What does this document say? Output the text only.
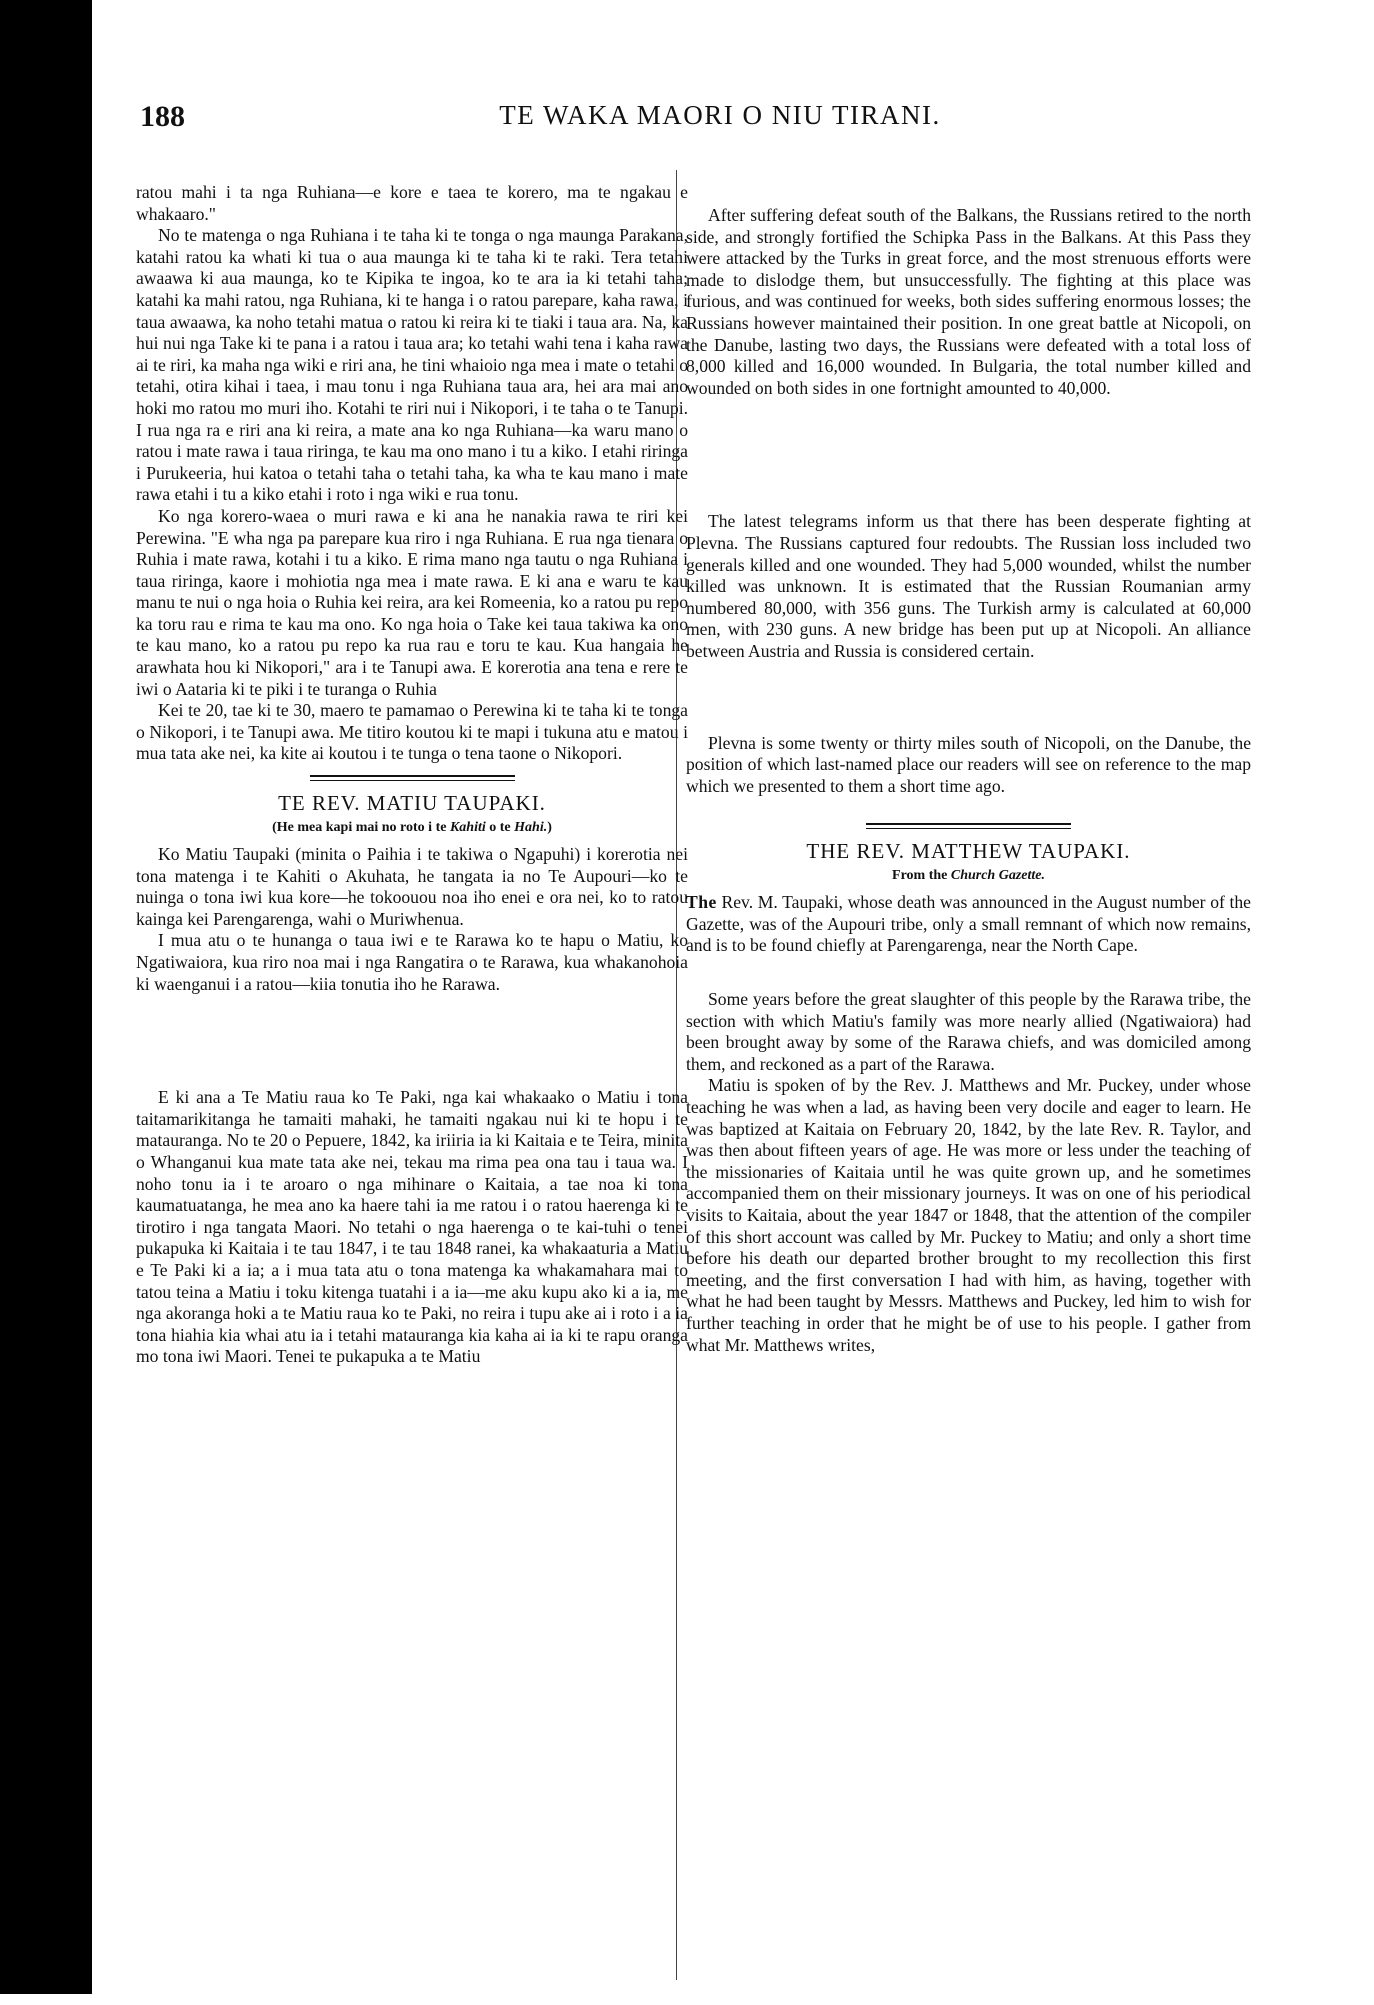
188	TE WAKA MAORI O NIU TIRANI.

ratou mahi i ta nga Ruhiana—e kore e taea te korero, ma te ngakau e whakaaro."

No te matenga o nga Ruhiana i te taha ki te tonga o nga maunga Parakana, katahi ratou ka whati ki tua o aua maunga ki te taha ki te raki. Tera tetahi awaawa ki aua maunga, ko te Kipika te ingoa, ko te ara ia ki tetahi taha; katahi ka mahi ratou, nga Ruhiana, ki te hanga i o ratou parepare, kaha rawa, i taua awaawa, ka noho tetahi matua o ratou ki reira ki te tiaki i taua ara. Na, ka hui nui nga Take ki te pana i a ratou i taua ara; ko tetahi wahi tena i kaha rawa ai te riri, ka maha nga wiki e riri ana, he tini whaioio nga mea i mate o tetahi o tetahi, otira kihai i taea, i mau tonu i nga Ruhiana taua ara, hei ara mai ano hoki mo ratou mo muri iho. Kotahi te riri nui i Nikopori, i te taha o te Tanupi. I rua nga ra e riri ana ki reira, a mate ana ko nga Ruhiana—ka waru mano o ratou i mate rawa i taua riringa, te kau ma ono mano i tu a kiko. I etahi riringa i Purukeeria, hui katoa o tetahi taha o tetahi taha, ka wha te kau mano i mate rawa etahi i tu a kiko etahi i roto i nga wiki e rua tonu.

Ko nga korero-waea o muri rawa e ki ana he nanakia rawa te riri kei Perewina. "E wha nga pa parepare kua riro i nga Ruhiana. E rua nga tienara o Ruhia i mate rawa, kotahi i tu a kiko. E rima mano nga tautu o nga Ruhiana i taua riringa, kaore i mohiotia nga mea i mate rawa. E ki ana e waru te kau manu te nui o nga hoia o Ruhia kei reira, ara kei Romeenia, ko a ratou pu repo ka toru rau e rima te kau ma ono. Ko nga hoia o Take kei taua takiwa ka ono te kau mano, ko a ratou pu repo ka rua rau e toru te kau. Kua hangaia he arawhata hou ki Nikopori," ara i te Tanupi awa. E korerotia ana tena e rere te iwi o Aataria ki te piki i te turanga o Ruhia

Kei te 20, tae ki te 30, maero te pamamao o Perewina ki te taha ki te tonga o Nikopori, i te Tanupi awa. Me titiro koutou ki te mapi i tukuna atu e matou i mua tata ake nei, ka kite ai koutou i te tunga o tena taone o Nikopori.

TE REV. MATIU TAUPAKI.
(He mea kapi mai no roto i te Kahiti o te Hahi.)

Ko Matiu Taupaki (minita o Paihia i te takiwa o Ngapuhi) i korerotia nei tona matenga i te Kahiti o Akuhata, he tangata ia no Te Aupouri—ko te nuinga o tona iwi kua kore—he tokoouou noa iho enei e ora nei, ko to ratou kainga kei Parengarenga, wahi o Muriwhenua.

I mua atu o te hunanga o taua iwi e te Rarawa ko te hapu o Matiu, ko Ngatiwaiora, kua riro noa mai i nga Rangatira o te Rarawa, kua whakanohoia ki waenganui i a ratou—kiia tonutia iho he Rarawa.

E ki ana a Te Matiu raua ko Te Paki, nga kai whakaako o Matiu i tona taitamarikitanga he tamaiti mahaki, he tamaiti ngakau nui ki te hopu i te matauranga. No te 20 o Pepuere, 1842, ka iriiria ia ki Kaitaia e te Teira, minita o Whanganui kua mate tata ake nei, tekau ma rima pea ona tau i taua wa. I noho tonu ia i te aroaro o nga mihinare o Kaitaia, a tae noa ki tona kaumatuatanga, he mea ano ka haere tahi ia me ratou i o ratou haerenga ki te tirotiro i nga tangata Maori. No tetahi o nga haerenga o te kai-tuhi o tenei pukapuka ki Kaitaia i te tau 1847, i te tau 1848 ranei, ka whakaaturia a Matiu e Te Paki ki a ia; a i mua tata atu o tona matenga ka whakamahara mai to tatou teina a Matiu i toku kitenga tuatahi i a ia—me aku kupu ako ki a ia, me nga akoranga hoki a te Matiu raua ko te Paki, no reira i tupu ake ai i roto i a ia tona hiahia kia whai atu ia i tetahi matauranga kia kaha ai ia ki te rapu oranga mo tona iwi Maori. Tenei te pukapuka a te Matiu

After suffering defeat south of the Balkans, the Russians retired to the north side, and strongly fortified the Schipka Pass in the Balkans. At this Pass they were attacked by the Turks in great force, and the most strenuous efforts were made to dislodge them, but unsuccessfully. The fighting at this place was furious, and was continued for weeks, both sides suffering enormous losses; the Russians however maintained their position. In one great battle at Nicopoli, on the Danube, lasting two days, the Russians were defeated with a total loss of 8,000 killed and 16,000 wounded. In Bulgaria, the total number killed and wounded on both sides in one fortnight amounted to 40,000.

The latest telegrams inform us that there has been desperate fighting at Plevna. The Russians captured four redoubts. The Russian loss included two generals killed and one wounded. They had 5,000 wounded, whilst the number killed was unknown. It is estimated that the Russian Roumanian army numbered 80,000, with 356 guns. The Turkish army is calculated at 60,000 men, with 230 guns. A new bridge has been put up at Nicopoli. An alliance between Austria and Russia is considered certain.

Plevna is some twenty or thirty miles south of Nicopoli, on the Danube, the position of which last-named place our readers will see on reference to the map which we presented to them a short time ago.

THE REV. MATTHEW TAUPAKI.
From the Church Gazette.

The Rev. M. Taupaki, whose death was announced in the August number of the Gazette, was of the Aupouri tribe, only a small remnant of which now remains, and is to be found chiefly at Parengarenga, near the North Cape.

Some years before the great slaughter of this people by the Rarawa tribe, the section with which Matiu's family was more nearly allied (Ngatiwaiora) had been brought away by some of the Rarawa chiefs, and was domiciled among them, and reckoned as a part of the Rarawa.

Matiu is spoken of by the Rev. J. Matthews and Mr. Puckey, under whose teaching he was when a lad, as having been very docile and eager to learn. He was baptized at Kaitaia on February 20, 1842, by the late Rev. R. Taylor, and was then about fifteen years of age. He was more or less under the teaching of the missionaries of Kaitaia until he was quite grown up, and he sometimes accompanied them on their missionary journeys. It was on one of his periodical visits to Kaitaia, about the year 1847 or 1848, that the attention of the compiler of this short account was called by Mr. Puckey to Matiu; and only a short time before his death our departed brother brought to my recollection this first meeting, and the first conversation I had with him, as having, together with what he had been taught by Messrs. Matthews and Puckey, led him to wish for further teaching in order that he might be of use to his people. I gather from what Mr. Matthews writes,
